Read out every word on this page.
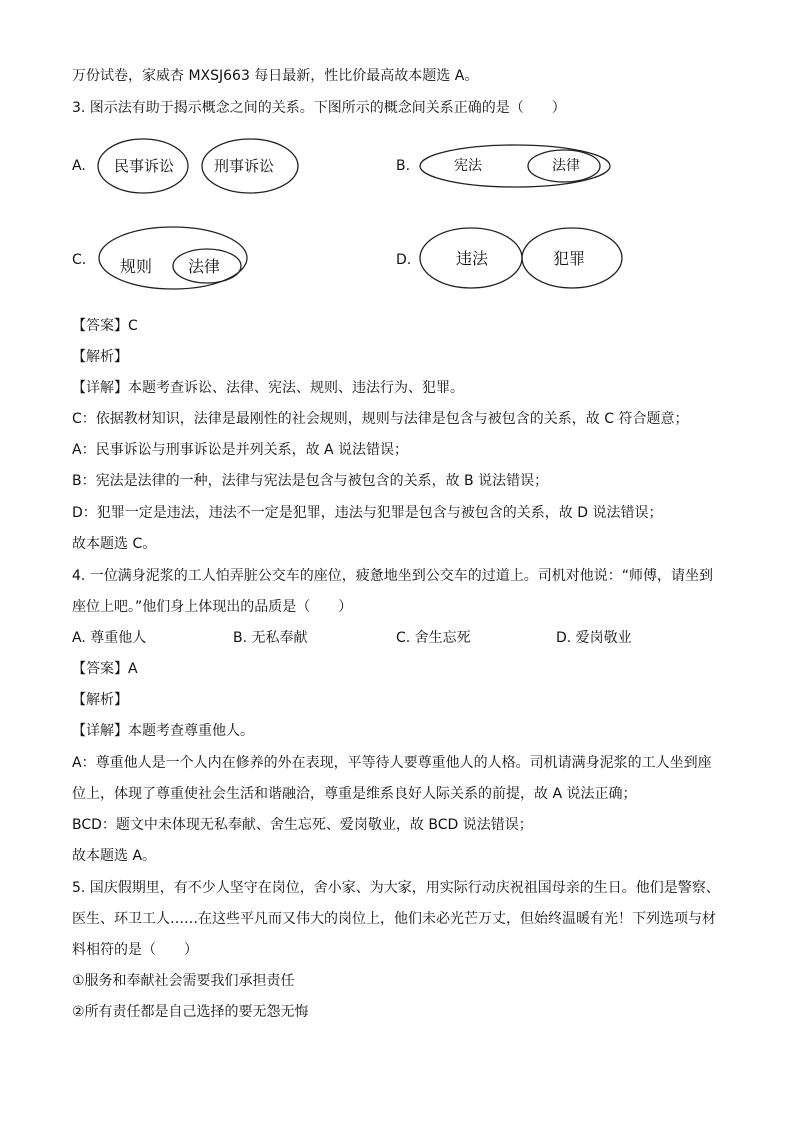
万份试卷，家威杏 MXSJ663 每日最新，性比价最高故本题选 A。
3. 图示法有助于揭示概念之间的关系。下图所示的概念间关系正确的是（　　）
A. 民事诉讼	刑事诉讼	B.	宪法	法律
C. 规则 法律	D.	违法	犯罪
【答案】C
【解析】
【详解】本题考查诉讼、法律、宪法、规则、违法行为、犯罪。
C：依据教材知识，法律是最刚性的社会规则，规则与法律是包含与被包含的关系，故 C 符合题意；
A：民事诉讼与刑事诉讼是并列关系，故 A 说法错误；
B：宪法是法律的一种，法律与宪法是包含与被包含的关系，故 B 说法错误；
D：犯罪一定是违法，违法不一定是犯罪，违法与犯罪是包含与被包含的关系，故 D 说法错误；
故本题选 C。
4. 一位满身泥浆的工人怕弄脏公交车的座位，疲惫地坐到公交车的过道上。司机对他说：“师傅，请坐到
座位上吧。”他们身上体现出的品质是（　　）
A. 尊重他人	B. 无私奉献	C. 舍生忘死	D. 爱岗敬业
【答案】A
【解析】
【详解】本题考查尊重他人。
A：尊重他人是一个人内在修养的外在表现，平等待人要尊重他人的人格。司机请满身泥浆的工人坐到座
位上，体现了尊重使社会生活和谐融洽，尊重是维系良好人际关系的前提，故 A 说法正确；
BCD：题文中未体现无私奉献、舍生忘死、爱岗敬业，故 BCD 说法错误；
故本题选 A。
5. 国庆假期里，有不少人坚守在岗位，舍小家、为大家，用实际行动庆祝祖国母亲的生日。他们是警察、
医生、环卫工人……在这些平凡而又伟大的岗位上，他们未必光芒万丈，但始终温暖有光！下列选项与材
料相符的是（　　）
①服务和奉献社会需要我们承担责任
②所有责任都是自己选择的要无怨无悔
